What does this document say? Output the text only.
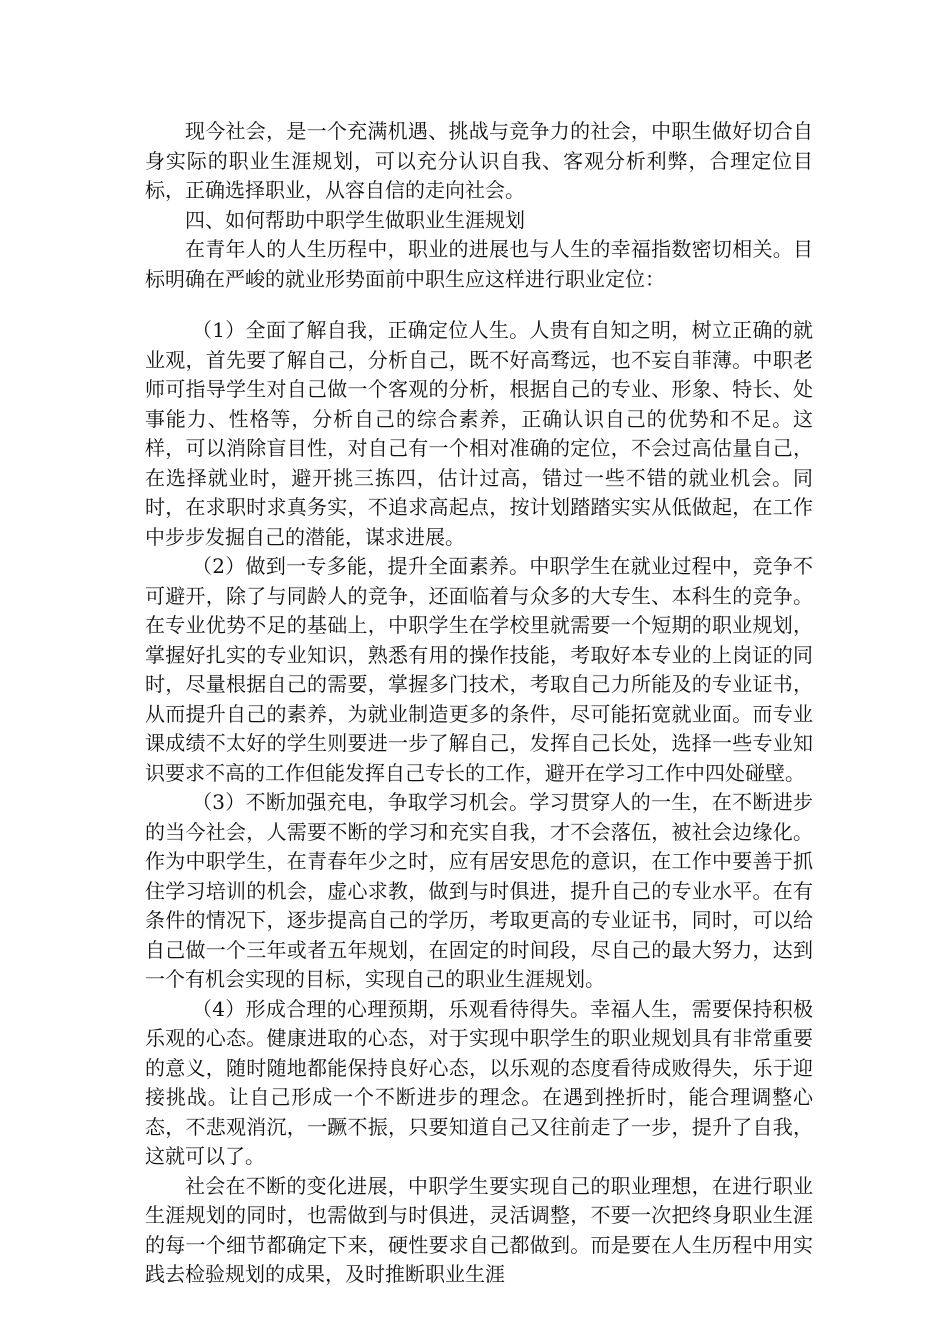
现今社会，是一个充满机遇、挑战与竞争力的社会，中职生做好切合自身实际的职业生涯规划，可以充分认识自我、客观分析利弊，合理定位目标，正确选择职业，从容自信的走向社会。

四、如何帮助中职学生做职业生涯规划

在青年人的人生历程中，职业的进展也与人生的幸福指数密切相关。目标明确在严峻的就业形势面前中职生应这样进行职业定位：

（1）全面了解自我，正确定位人生。人贵有自知之明，树立正确的就业观，首先要了解自己，分析自己，既不好高骛远，也不妄自菲薄。中职老师可指导学生对自己做一个客观的分析，根据自己的专业、形象、特长、处事能力、性格等，分析自己的综合素养，正确认识自己的优势和不足。这样，可以消除盲目性，对自己有一个相对准确的定位，不会过高估量自己，在选择就业时，避开挑三拣四，估计过高，错过一些不错的就业机会。同时，在求职时求真务实，不追求高起点，按计划踏踏实实从低做起，在工作中步步发掘自己的潜能，谋求进展。

（2）做到一专多能，提升全面素养。中职学生在就业过程中，竞争不可避开，除了与同龄人的竞争，还面临着与众多的大专生、本科生的竞争。在专业优势不足的基础上，中职学生在学校里就需要一个短期的职业规划，掌握好扎实的专业知识，熟悉有用的操作技能，考取好本专业的上岗证的同时，尽量根据自己的需要，掌握多门技术，考取自己力所能及的专业证书，从而提升自己的素养，为就业制造更多的条件，尽可能拓宽就业面。而专业课成绩不太好的学生则要进一步了解自己，发挥自己长处，选择一些专业知识要求不高的工作但能发挥自己专长的工作，避开在学习工作中四处碰壁。

（3）不断加强充电，争取学习机会。学习贯穿人的一生，在不断进步的当今社会，人需要不断的学习和充实自我，才不会落伍，被社会边缘化。作为中职学生，在青春年少之时，应有居安思危的意识，在工作中要善于抓住学习培训的机会，虚心求教，做到与时俱进，提升自己的专业水平。在有条件的情况下，逐步提高自己的学历，考取更高的专业证书，同时，可以给自己做一个三年或者五年规划，在固定的时间段，尽自己的最大努力，达到一个有机会实现的目标，实现自己的职业生涯规划。

（4）形成合理的心理预期，乐观看待得失。幸福人生，需要保持积极乐观的心态。健康进取的心态，对于实现中职学生的职业规划具有非常重要的意义，随时随地都能保持良好心态，以乐观的态度看待成败得失，乐于迎接挑战。让自己形成一个不断进步的理念。在遇到挫折时，能合理调整心态，不悲观消沉，一蹶不振，只要知道自己又往前走了一步，提升了自我，这就可以了。

社会在不断的变化进展，中职学生要实现自己的职业理想，在进行职业生涯规划的同时，也需做到与时俱进，灵活调整，不要一次把终身职业生涯的每一个细节都确定下来，硬性要求自己都做到。而是要在人生历程中用实践去检验规划的成果，及时推断职业生涯
